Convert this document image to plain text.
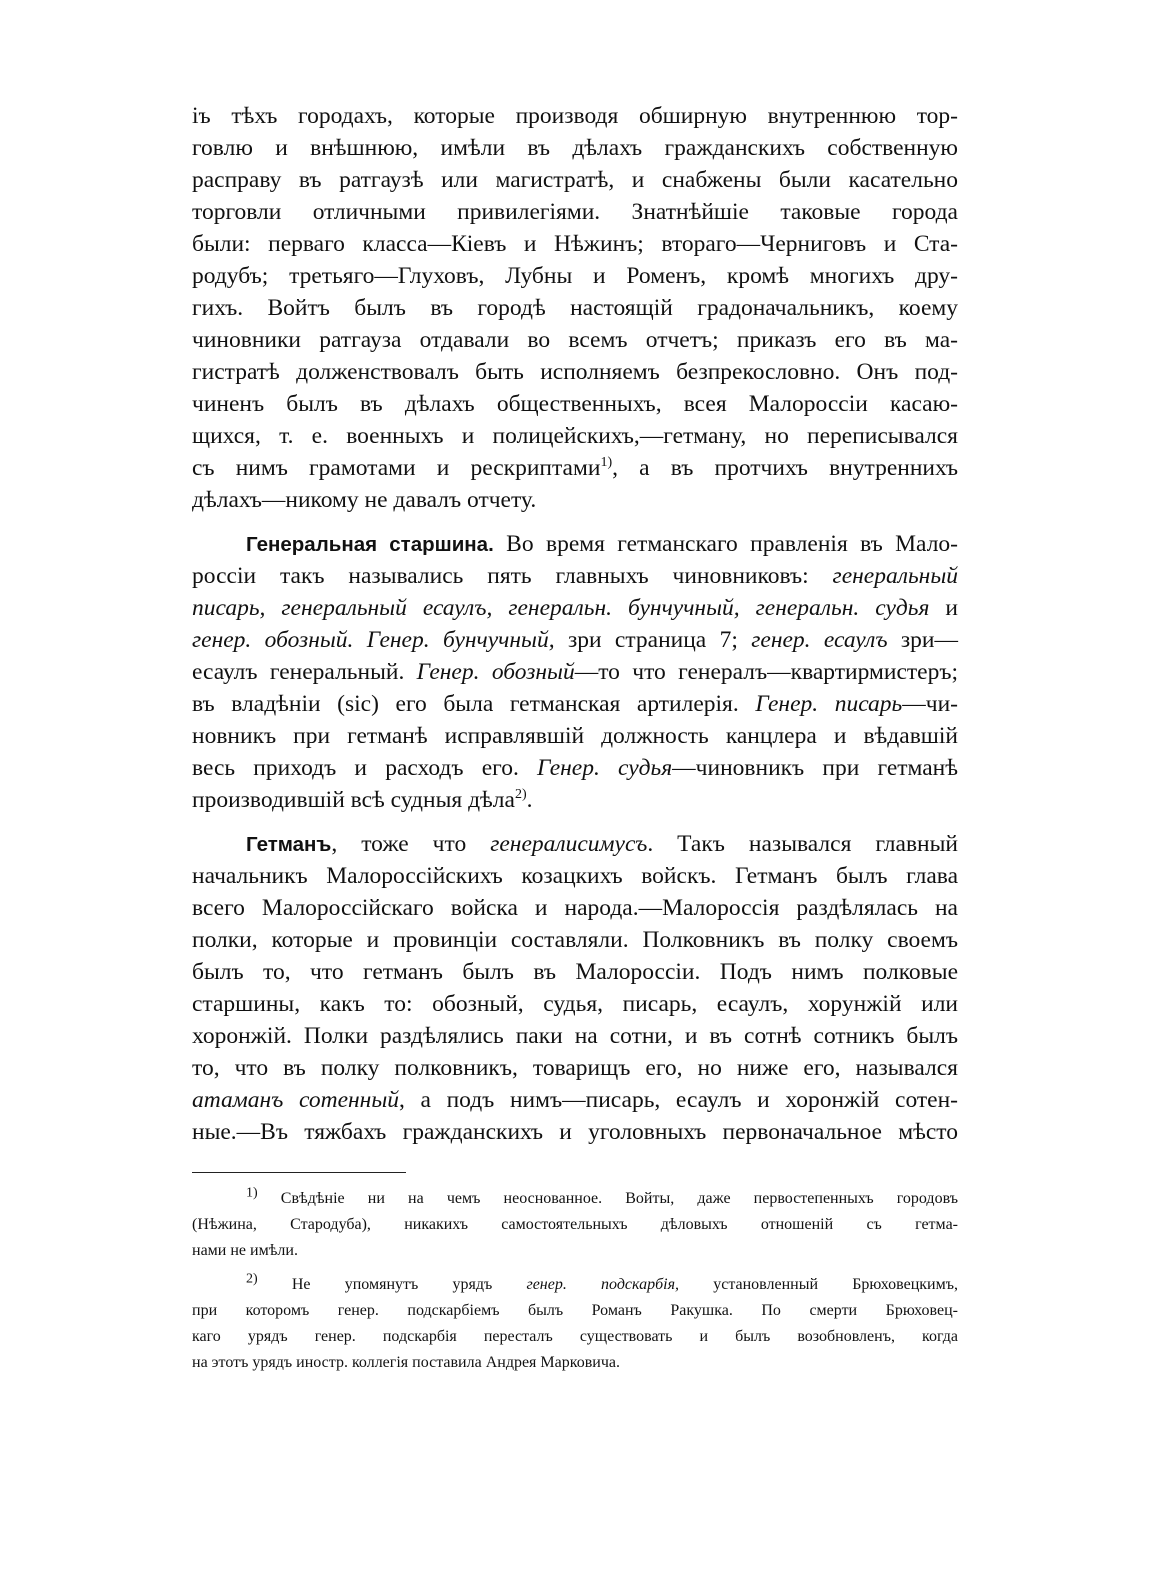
іъ тѣхъ городахъ, которые производя обширную внутреннюю тор-
говлю и внѣшнюю, имѣли въ дѣлахъ гражданскихъ собственную
расправу въ ратгаузѣ или магистратѣ, и снабжены были касательно
торговли отличными привилегіями. Знатнѣйшіе таковые города
были: перваго класса—Кіевъ и Нѣжинъ; втораго—Черниговъ и Ста-
родубъ; третьяго—Глуховъ, Лубны и Роменъ, кромѣ многихъ дру-
гихъ. Войтъ былъ въ городѣ настоящій градоначальникъ, коему
чиновники ратгауза отдавали во всемъ отчетъ; приказъ его въ ма-
гистратѣ долженствовалъ быть исполняемъ безпрекословно. Онъ под-
чиненъ былъ въ дѣлахъ общественныхъ, всея Малороссіи касаю-
щихся, т. е. военныхъ и полицейскихъ,—гетману, но переписывался
съ нимъ грамотами и рескриптами$^{1)}$, а въ протчихъ внутреннихъ
дѣлахъ—никому не давалъ отчету.
Генеральная старшина. Во время гетманскаго правленія въ Мало-
россіи такъ назывались пять главныхъ чиновниковъ: генеральный
писарь, генеральный есаулъ, генеральн. бунчучный, генеральн. судья и
генер. обозный. Генер. бунчучный, зри страница 7; генер. есаулъ зри—
есаулъ генеральный. Генер. обозный—то что генералъ—квартирмистеръ;
въ владѣніи (sic) его была гетманская артилерія. Генер. писарь—чи-
новникъ при гетманѣ исправлявшій должность канцлера и вѣдавшій
весь приходъ и расходъ его. Генер. судья—чиновникъ при гетманѣ
производившій всѣ судныя дѣла$^{2)}$.
Гетманъ, тоже что генералисимусъ. Такъ назывался главный
начальникъ Малороссійскихъ козацкихъ войскъ. Гетманъ былъ глава
всего Малороссійскаго войска и народа.—Малороссія раздѣлялась на
полки, которые и провинціи составляли. Полковникъ въ полку своемъ
былъ то, что гетманъ былъ въ Малороссіи. Подъ нимъ полковые
старшины, какъ то: обозный, судья, писарь, есаулъ, хорунжій или
хоронжій. Полки раздѣлялись паки на сотни, и въ сотнѣ сотникъ былъ
то, что въ полку полковникъ, товарищъ его, но ниже его, назывался
атаманъ сотенный, а подъ нимъ—писарь, есаулъ и хоронжій сотен-
ные.—Въ тяжбахъ гражданскихъ и уголовныхъ первоначальное мѣсто
1) Свѣдѣніе ни на чемъ неоснованное. Войты, даже первостепенныхъ городовъ
(Нѣжина, Стародуба), никакихъ самостоятельныхъ дѣловыхъ отношеній съ гетма-
нами не имѣли.
2) Не упомянутъ урядъ генер. подскарбія, установленный Брюховецкимъ,
при которомъ генер. подскарбіемъ былъ Романъ Ракушка. По смерти Брюховец-
каго урядъ генер. подскарбія пересталъ существовать и былъ возобновленъ, когда
на этотъ урядъ иностр. коллегія поставила Андрея Марковича.
